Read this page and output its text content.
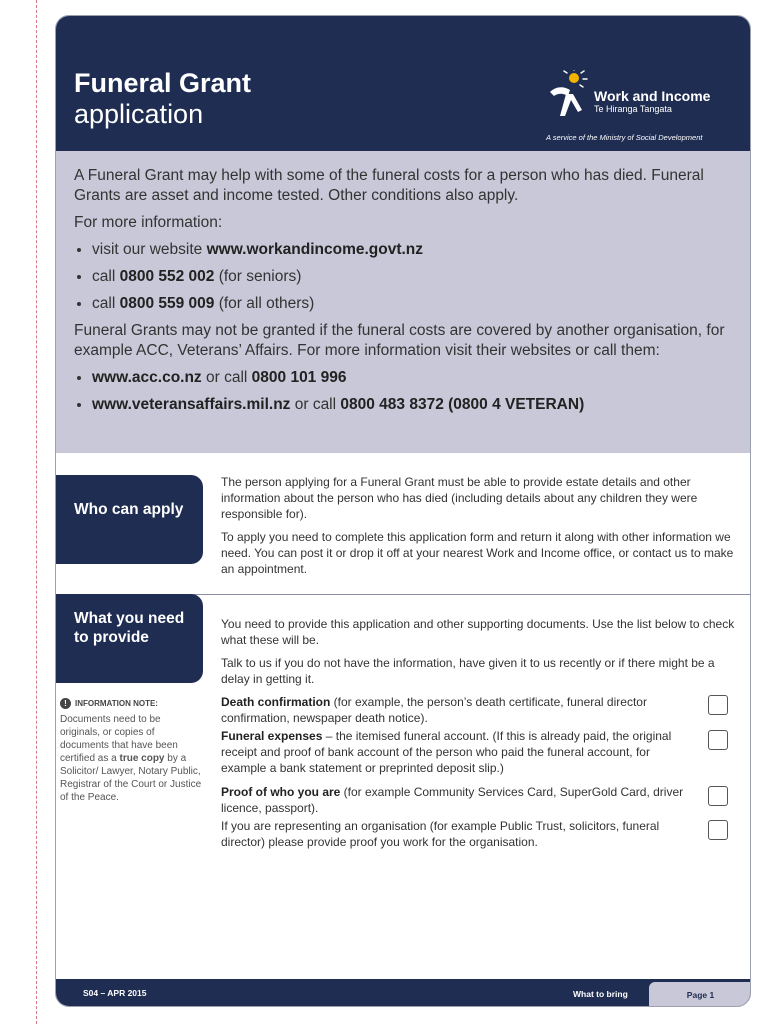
Funeral Grant
application
Work and Income
Te Hiranga Tangata
A service of the Ministry of Social Development

A Funeral Grant may help with some of the funeral costs for a person who has died. Funeral Grants are asset and income tested. Other conditions also apply.

For more information:

• visit our website www.workandincome.govt.nz
• call 0800 552 002 (for seniors)
• call 0800 559 009 (for all others)

Funeral Grants may not be granted if the funeral costs are covered by another organisation, for example ACC, Veterans’ Affairs. For more information visit their websites or call them:

• www.acc.co.nz or call 0800 101 996
• www.veteransaffairs.mil.nz or call 0800 483 8372 (0800 4 VETERAN)
Who can apply

The person applying for a Funeral Grant must be able to provide estate details and other information about the person who has died (including details about any children they were responsible for).

To apply you need to complete this application form and return it along with other information we need. You can post it or drop it off at your nearest Work and Income office, or contact us to make an appointment.

What you need to provide

You need to provide this application and other supporting documents. Use the list below to check what these will be.

Talk to us if you do not have the information, have given it to us recently or if there might be a delay in getting it.

!	INFORMATION NOTE:
Documents need to be originals, or copies of documents that have been certified as a true copy by a Solicitor/ Lawyer, Notary Public, Registrar of the Court or Justice of the Peace.
Death confirmation (for example, the person’s death certificate, funeral director confirmation, newspaper death notice).
Funeral expenses – the itemised funeral account. (If this is already paid, the original receipt and proof of bank account of the person who paid the funeral account, for example a bank statement or preprinted deposit slip.)
Proof of who you are (for example Community Services Card, SuperGold Card, driver licence, passport).
If you are representing an organisation (for example Public Trust, solicitors, funeral director) please provide proof you work for the organisation.
S04 – APR 2015	What to bring	Page 1
